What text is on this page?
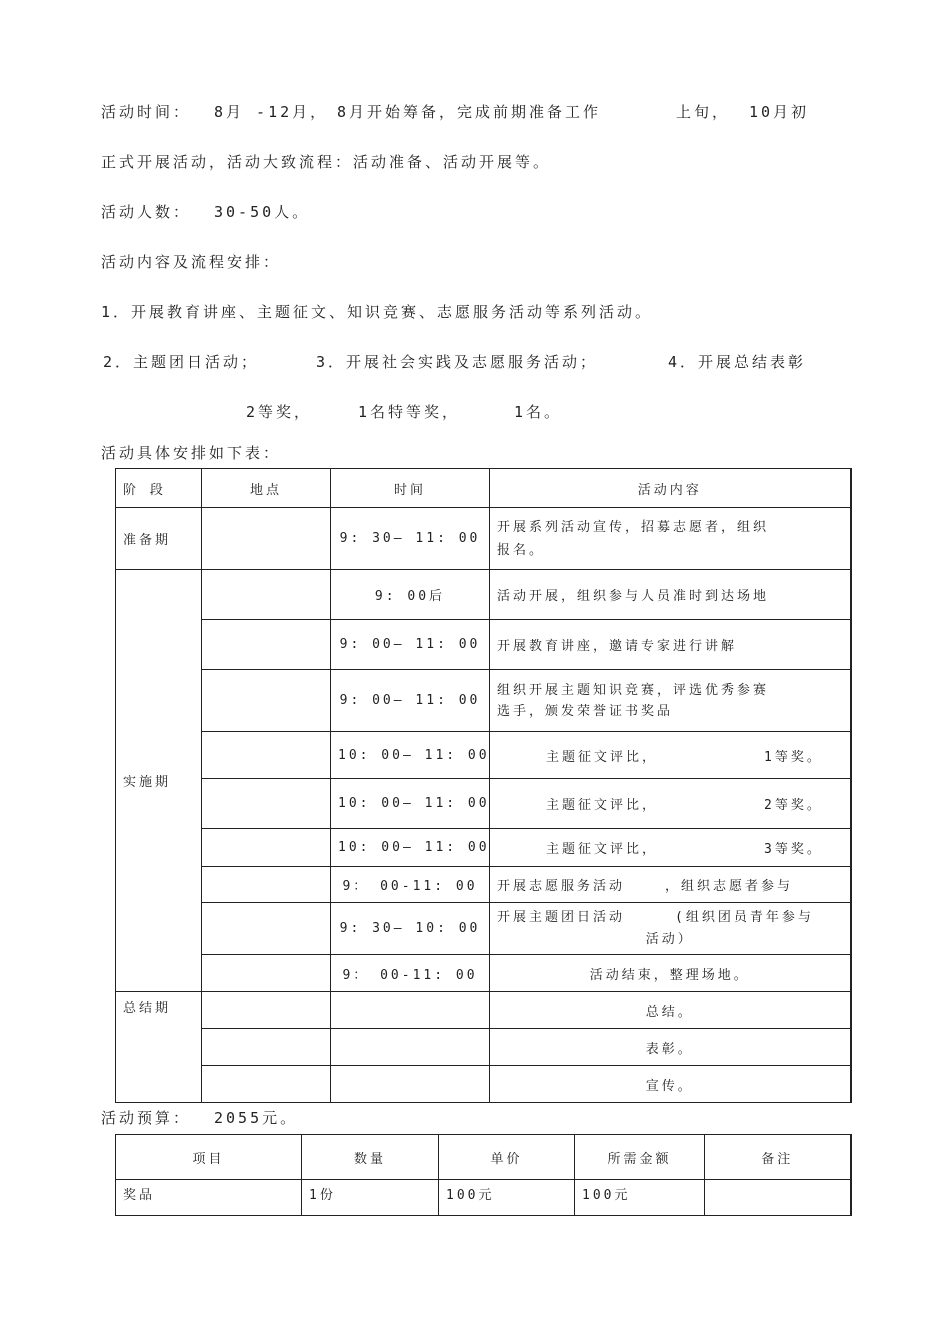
活动时间： 8月 -12月， 8月开始筹备，完成前期准备工作	上旬， 10月初
正式开展活动，活动大致流程：活动准备、活动开展等。
活动人数： 30-50人。
活动内容及流程安排：
1．开展教育讲座、主题征文、知识竞赛、志愿服务活动等系列活动。
2．主题团日活动；	3．开展社会实践及志愿服务活动；	4．开展总结表彰
2等奖，	1名特等奖，	1名。
活动具体安排如下表：
阶 段	地点	时间	活动内容
准备期		9: 30— 11: 00	开展系列活动宣传，招募志愿者，组织
报名。
实施期		9: 00后	活动开展，组织参与人员准时到达场地
		9: 00— 11: 00	开展教育讲座，邀请专家进行讲解
		9: 00— 11: 00	组织开展主题知识竞赛，评选优秀参赛
选手，颁发荣誉证书奖品
		10: 00— 11: 00	主题征文评比， 1等奖。
		10: 00— 11: 00	主题征文评比， 2等奖。
		10: 00— 11: 00	主题征文评比， 3等奖。
		9： 00-11: 00	开展志愿服务活动 ，组织志愿者参与
		9: 30— 10: 00	开展主题团日活动 (组织团员青年参与
活动）
		9： 00-11: 00	活动结束，整理场地。
总结期			总结。
			表彰。
			宣传。
活动预算： 2055元。
项目	数量	单价	所需金额	备注
奖品	1份	100元	100元	
